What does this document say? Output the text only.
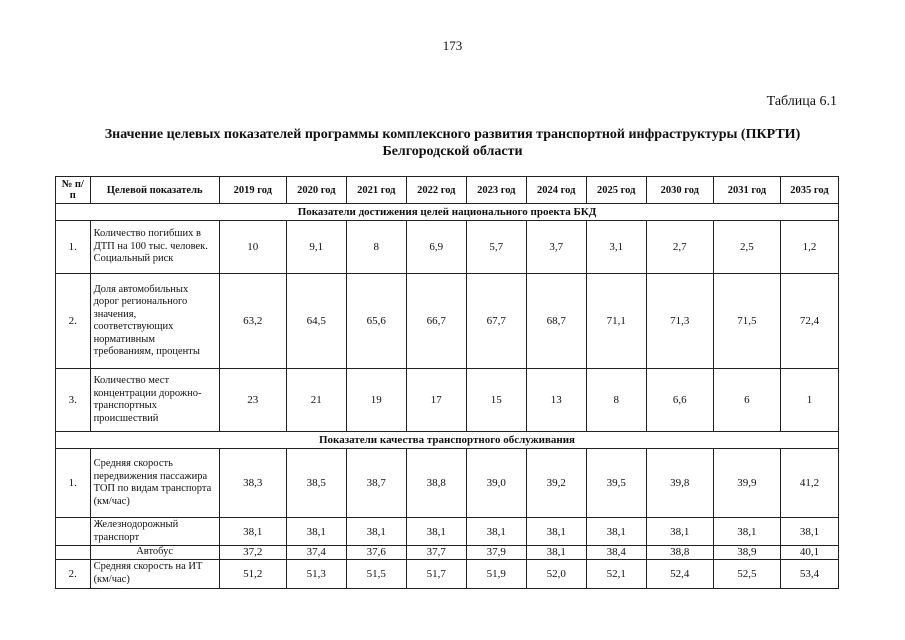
173
Таблица 6.1
Значение целевых показателей программы комплексного развития транспортной инфраструктуры (ПКРТИ)
Белгородской области
№ п/п	Целевой показатель	2019 год	2020 год	2021 год	2022 год	2023 год	2024 год	2025 год	2030 год	2031 год	2035 год
Показатели достижения целей национального проекта БКД											
1.	Количество погибших в ДТП на 100 тыс. человек. Социальный риск	10	9,1	8	6,9	5,7	3,7	3,1	2,7	2,5	1,2
2.	Доля автомобильных дорог регионального значения, соответствующих нормативным требованиям, проценты	63,2	64,5	65,6	66,7	67,7	68,7	71,1	71,3	71,5	72,4
3.	Количество мест концентрации дорожно-транспортных происшествий	23	21	19	17	15	13	8	6,6	6	1
Показатели качества транспортного обслуживания											
1.	Средняя скорость передвижения пассажира ТОП по видам транспорта (км/час)	38,3	38,5	38,7	38,8	39,0	39,2	39,5	39,8	39,9	41,2
	Железнодорожный транспорт	38,1	38,1	38,1	38,1	38,1	38,1	38,1	38,1	38,1	38,1
	Автобус	37,2	37,4	37,6	37,7	37,9	38,1	38,4	38,8	38,9	40,1
2.	Средняя скорость на ИТ (км/час)	51,2	51,3	51,5	51,7	51,9	52,0	52,1	52,4	52,5	53,4
